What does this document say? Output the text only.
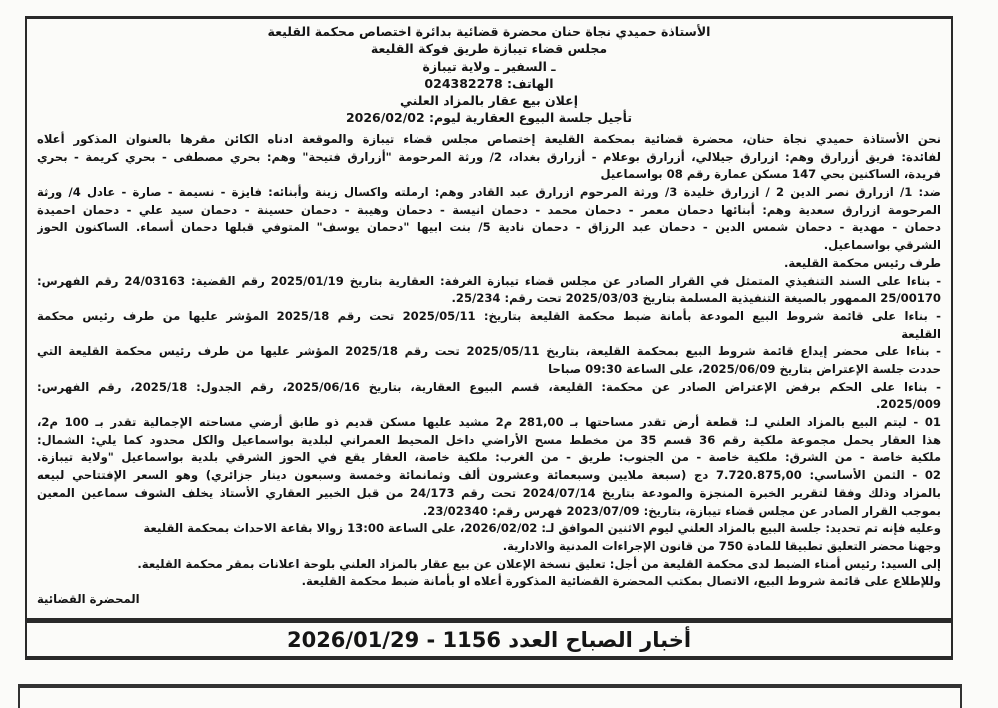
الأستاذة حميدي نجاة حنان محضرة قضائية بدائرة اختصاص محكمة القليعة
مجلس قضاء تيبازة طريق فوكة القليعة
ـ السفير ـ ولاية تيبازة
الهاتف: 024382278
إعلان بيع عقار بالمزاد العلني
تأجيل جلسة البيوع العقارية ليوم: 2026/02/02
نحن الأستاذة حميدي نجاة حنان، محضرة قضائية بمحكمة القليعة إختصاص مجلس قضاء تيبازة والموقعة ادناه الكائن مقرها بالعنوان المذكور أعلاه
لفائدة: فريق أزرارق وهم: ازرارق جيلالي، أزرارق بوعلام - أزرارق بغداد، 2/ ورثة المرحومة "أزرارق فتيحة" وهم: بحري مصطفى - بحري كريمة - بحري
فريدة، الساكنين بحي 147 مسكن عمارة رقم 08 بواسماعيل
ضد: 1/ ازرارق نصر الدين 2 / ازرارق خليدة 3/ ورثة المرحوم ازرارق عبد القادر وهم: ارملته واكسال زينة وأبنائه: فايزة - نسيمة - صارة - عادل 4/ ورثة
المرحومة ازرارق سعدية وهم: أبنائها دحمان معمر - دحمان محمد - دحمان انيسة - دحمان وهيبة - دحمان حسينة - دحمان سيد علي - دحمان احميدة
دحمان - مهدية - دحمان شمس الدين - دحمان عبد الرزاق - دحمان نادية 5/ بنت ابيها "دحمان يوسف" المتوفي قبلها دحمان أسماء. الساكنون الحوز
الشرقي بواسماعيل.
طرف رئيس محكمة القليعة.
- بناءا على السند التنفيذي المتمثل في القرار الصادر عن مجلس قضاء تيبازة الغرفة: العقارية بتاريخ 2025/01/19 رقم القضية: 24/03163 رقم الفهرس:
25/00170 الممهور بالصيغة التنفيذية المسلمة بتاريخ 2025/03/03 تحت رقم: 25/234.
- بناءا على قائمة شروط البيع المودعة بأمانة ضبط محكمة القليعة بتاريخ: 2025/05/11 تحت رقم 2025/18 المؤشر عليها من طرف رئيس محكمة
القليعة
- بناءا على محضر إيداع قائمة شروط البيع بمحكمة القليعة، بتاريخ 2025/05/11 تحت رقم 2025/18 المؤشر عليها من طرف رئيس محكمة القليعة التي
حددت جلسة الإعتراض بتاريخ 2025/06/09، على الساعة 09:30 صباحا
- بناءا على الحكم برفض الإعتراض الصادر عن محكمة: القليعة، قسم البيوع العقارية، بتاريخ 2025/06/16، رقم الجدول: 2025/18، رقم الفهرس:
2025/009.
01 - ليتم البيع بالمزاد العلني لـ: قطعة أرض تقدر مساحتها بـ 281,00 م2 مشيد عليها مسكن قديم ذو طابق أرضي مساحته الإجمالية تقدر بـ 100 م2،
هذا العقار يحمل مجموعة ملكية رقم 36 قسم 35 من مخطط مسح الأراضي داخل المحيط العمراني لبلدية بواسماعيل والكل محدود كما يلي: الشمال:
ملكية خاصة - من الشرق: ملكية خاصة - من الجنوب: طريق - من الغرب: ملكية خاصة، العقار يقع في الحوز الشرقي بلدية بواسماعيل "ولاية تيبازة.
02 - الثمن الأساسي: 7.720.875,00 دج (سبعة ملايين وسبعمائة وعشرون ألف وثمانمائة وخمسة وسبعون دينار جزائري) وهو السعر الإفتتاحي لبيعه
بالمزاد وذلك وفقا لتقرير الخبرة المنجزة والمودعة بتاريخ 2024/07/14 تحت رقم 24/173 من قبل الخبير العقاري الأستاذ يخلف الشوف سماعين المعين
بموجب القرار الصادر عن مجلس قضاء تيبازة، بتاريخ: 2023/07/09 فهرس رقم: 23/02340.
وعليه فإنه تم تحديد: جلسة البيع بالمزاد العلني ليوم الاثنين الموافق لـ: 2026/02/02، على الساعة 13:00 زوالا بقاعة الاحداث بمحكمة القليعة
وجهنا محضر التعليق تطبيقا للمادة 750 من قانون الإجراءات المدنية والادارية.
إلى السيد: رئيس أمناء الضبط لدى محكمة القليعة من أجل: تعليق نسخة الإعلان عن بيع عقار بالمزاد العلني بلوحة اعلانات بمقر محكمة القليعة.
وللإطلاع على قائمة شروط البيع، الاتصال بمكتب المحضرة القضائية المذكورة أعلاه او بأمانة ضبط محكمة القليعة.
المحضرة القضائية
أخبار الصباح العدد 1156 - 2026/01/29
